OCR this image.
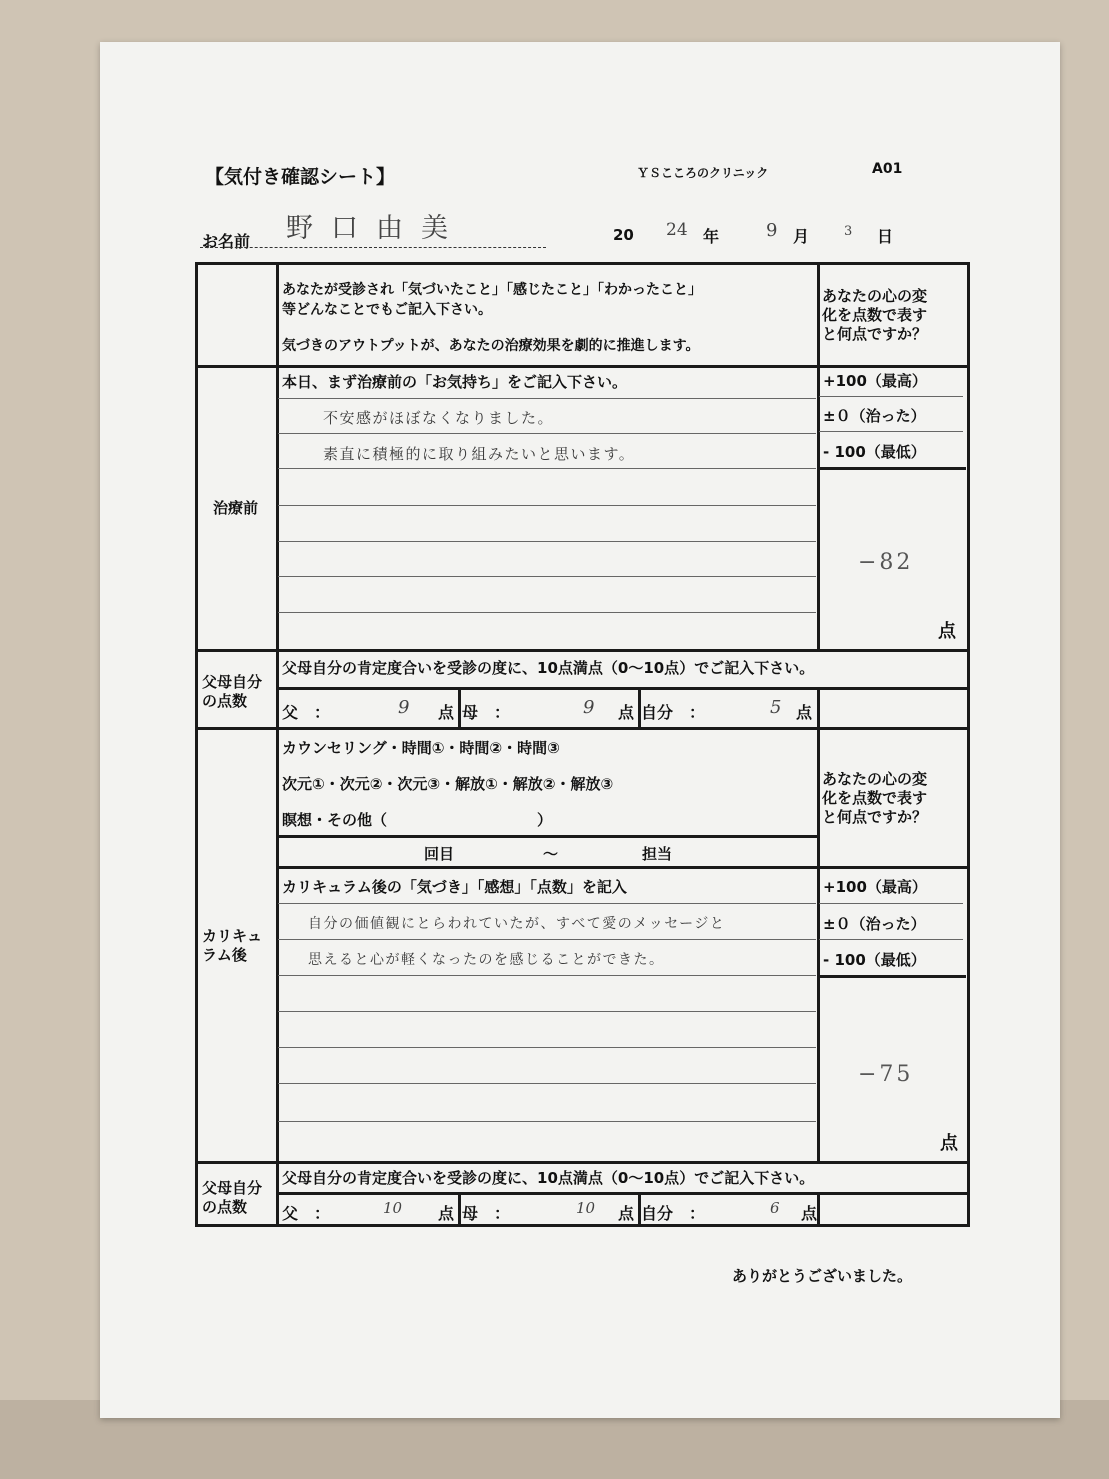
【気付き確認シート】	ＹＳこころのクリニック	A01
お名前 野口由美	20 24 年	9 月	3 日
あなたが受診され「気づいたこと」「感じたこと」「わかったこと」
等どんなことでもご記入下さい。
気づきのアウトプットが、あなたの治療効果を劇的に推進します。
あなたの心の変
化を点数で表す
と何点ですか？
治療前
本日、まず治療前の「お気持ち」をご記入下さい。
不安感がほぼなくなりました。
素直に積極的に取り組みたいと思います。
+100（最高）
±０（治った）
- 100（最低）
−82
点
父母自分
の点数
父母自分の肯定度合いを受診の度に、10点満点（0～10点）でご記入下さい。
父　：	9 点 母　：	9 点 自分　：	5 点
カリキュ
ラム後
カウンセリング・時間①・時間②・時間③
次元①・次元②・次元③・解放①・解放②・解放③
瞑想・その他（　　　　　　　　　　）
あなたの心の変
化を点数で表す
と何点ですか？
回目	～	担当
カリキュラム後の「気づき」「感想」「点数」を記入
自分の価値観にとらわれていたが、すべて愛のメッセージと
思えると心が軽くなったのを感じることができた。
+100（最高）
±０（治った）
- 100（最低）
−75
点
父母自分
の点数
父母自分の肯定度合いを受診の度に、10点満点（0～10点）でご記入下さい。
父　：	10 点 母　：	10 点 自分　：	6 点
ありがとうございました。
